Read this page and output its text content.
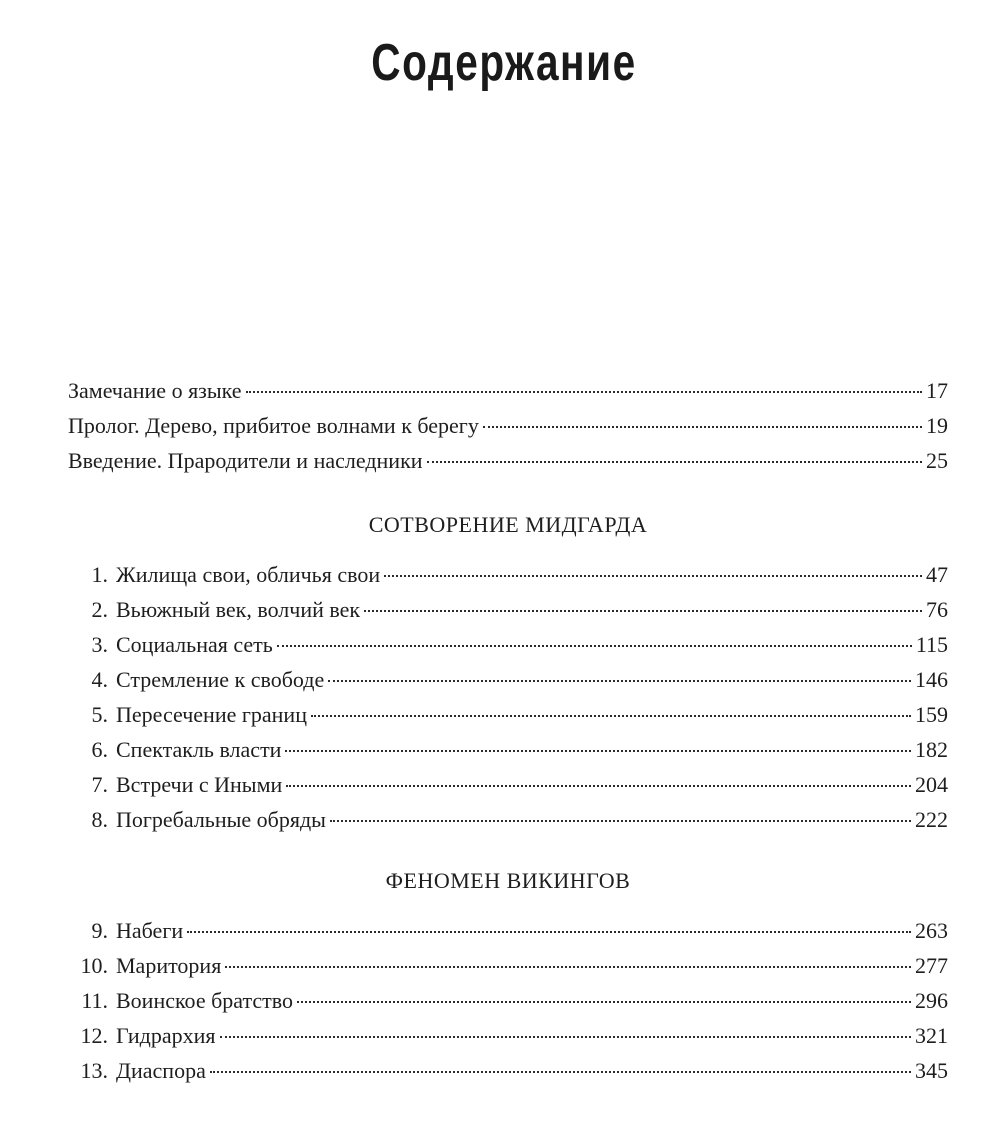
Содержание
Замечание о языке	17
Пролог. Дерево, прибитое волнами к берегу	19
Введение. Прародители и наследники	25
СОТВОРЕНИЕ МИДГАРДА
1. Жилища свои, обличья свои	47
2. Вьюжный век, волчий век	76
3. Социальная сеть	115
4. Стремление к свободе	146
5. Пересечение границ	159
6. Спектакль власти	182
7. Встречи с Иными	204
8. Погребальные обряды	222
ФЕНОМЕН ВИКИНГОВ
9. Набеги	263
10. Маритория	277
11. Воинское братство	296
12. Гидрархия	321
13. Диаспора	345
